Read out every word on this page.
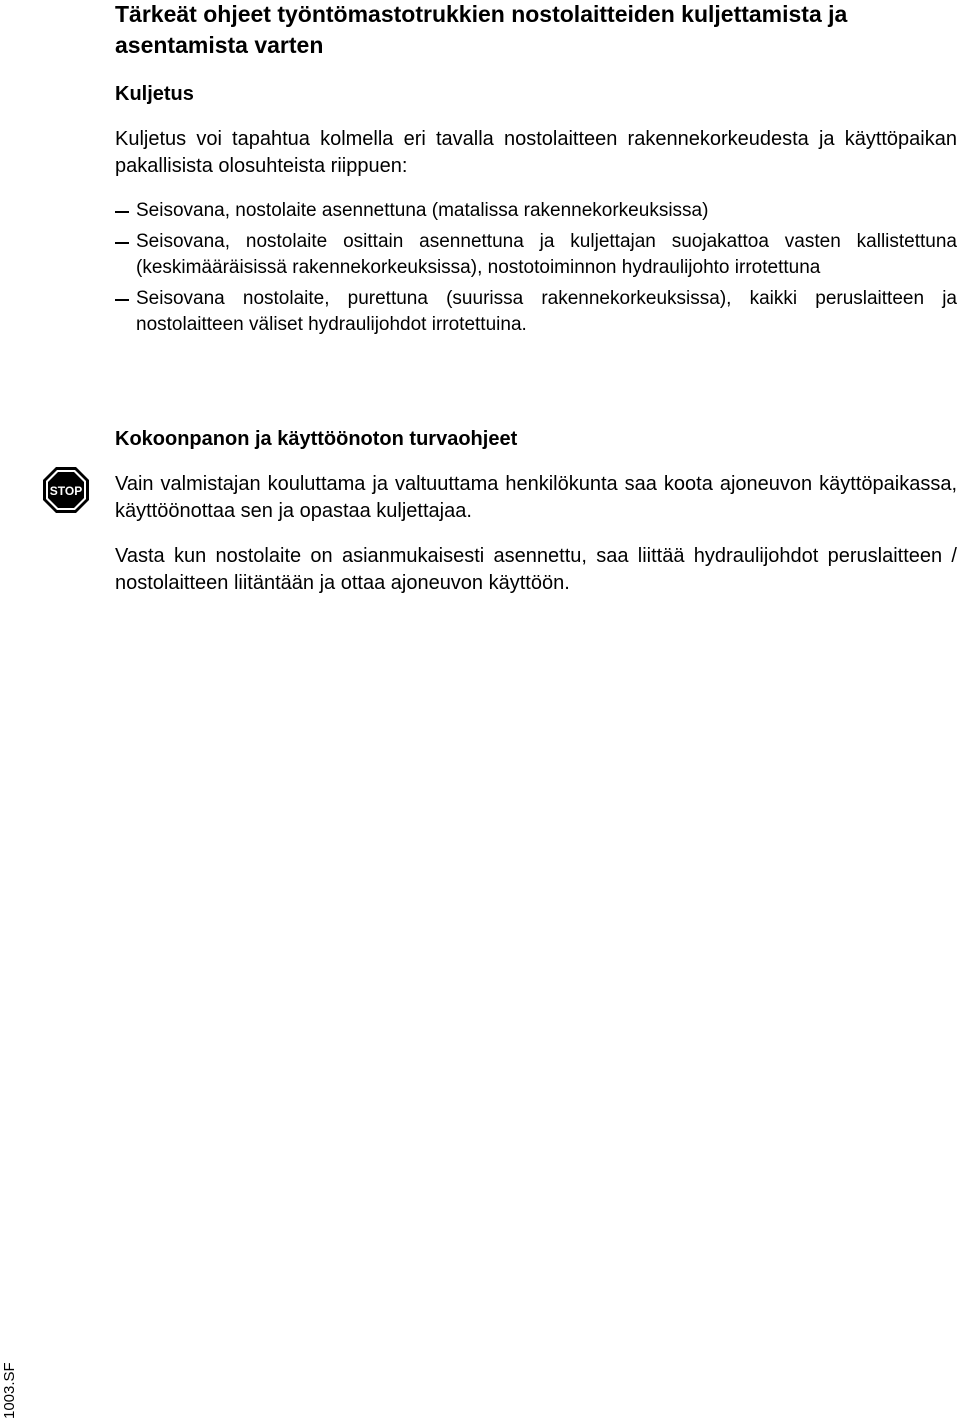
STOP
Tärkeät ohjeet työntömastotrukkien nostolaitteiden kuljettamista ja asentamista varten
Kuljetus

Kuljetus voi tapahtua kolmella eri tavalla nostolaitteen rakennekorkeudesta ja käyttöpaikan pakallisista olosuhteista riippuen:

Seisovana, nostolaite asennettuna (matalissa rakennekorkeuksissa)
Seisovana, nostolaite osittain asennettuna ja kuljettajan suojakattoa vasten kallistettuna (keskimääräisissä rakennekorkeuksissa), nostotoiminnon hydraulijohto irrotettuna
Seisovana nostolaite, purettuna (suurissa rakennekorkeuksissa), kaikki peruslaitteen ja nostolaitteen väliset hydraulijohdot irrotettuina.
Kokoonpanon ja käyttöönoton turvaohjeet

Vain valmistajan kouluttama ja valtuuttama henkilökunta saa koota ajoneuvon käyttöpaikassa, käyttöönottaa sen ja opastaa kuljettajaa.

Vasta kun nostolaite on asianmukaisesti asennettu, saa liittää hydraulijohdot peruslaitteen / nostolaitteen liitäntään ja ottaa ajoneuvon käyttöön.

1003.SF
